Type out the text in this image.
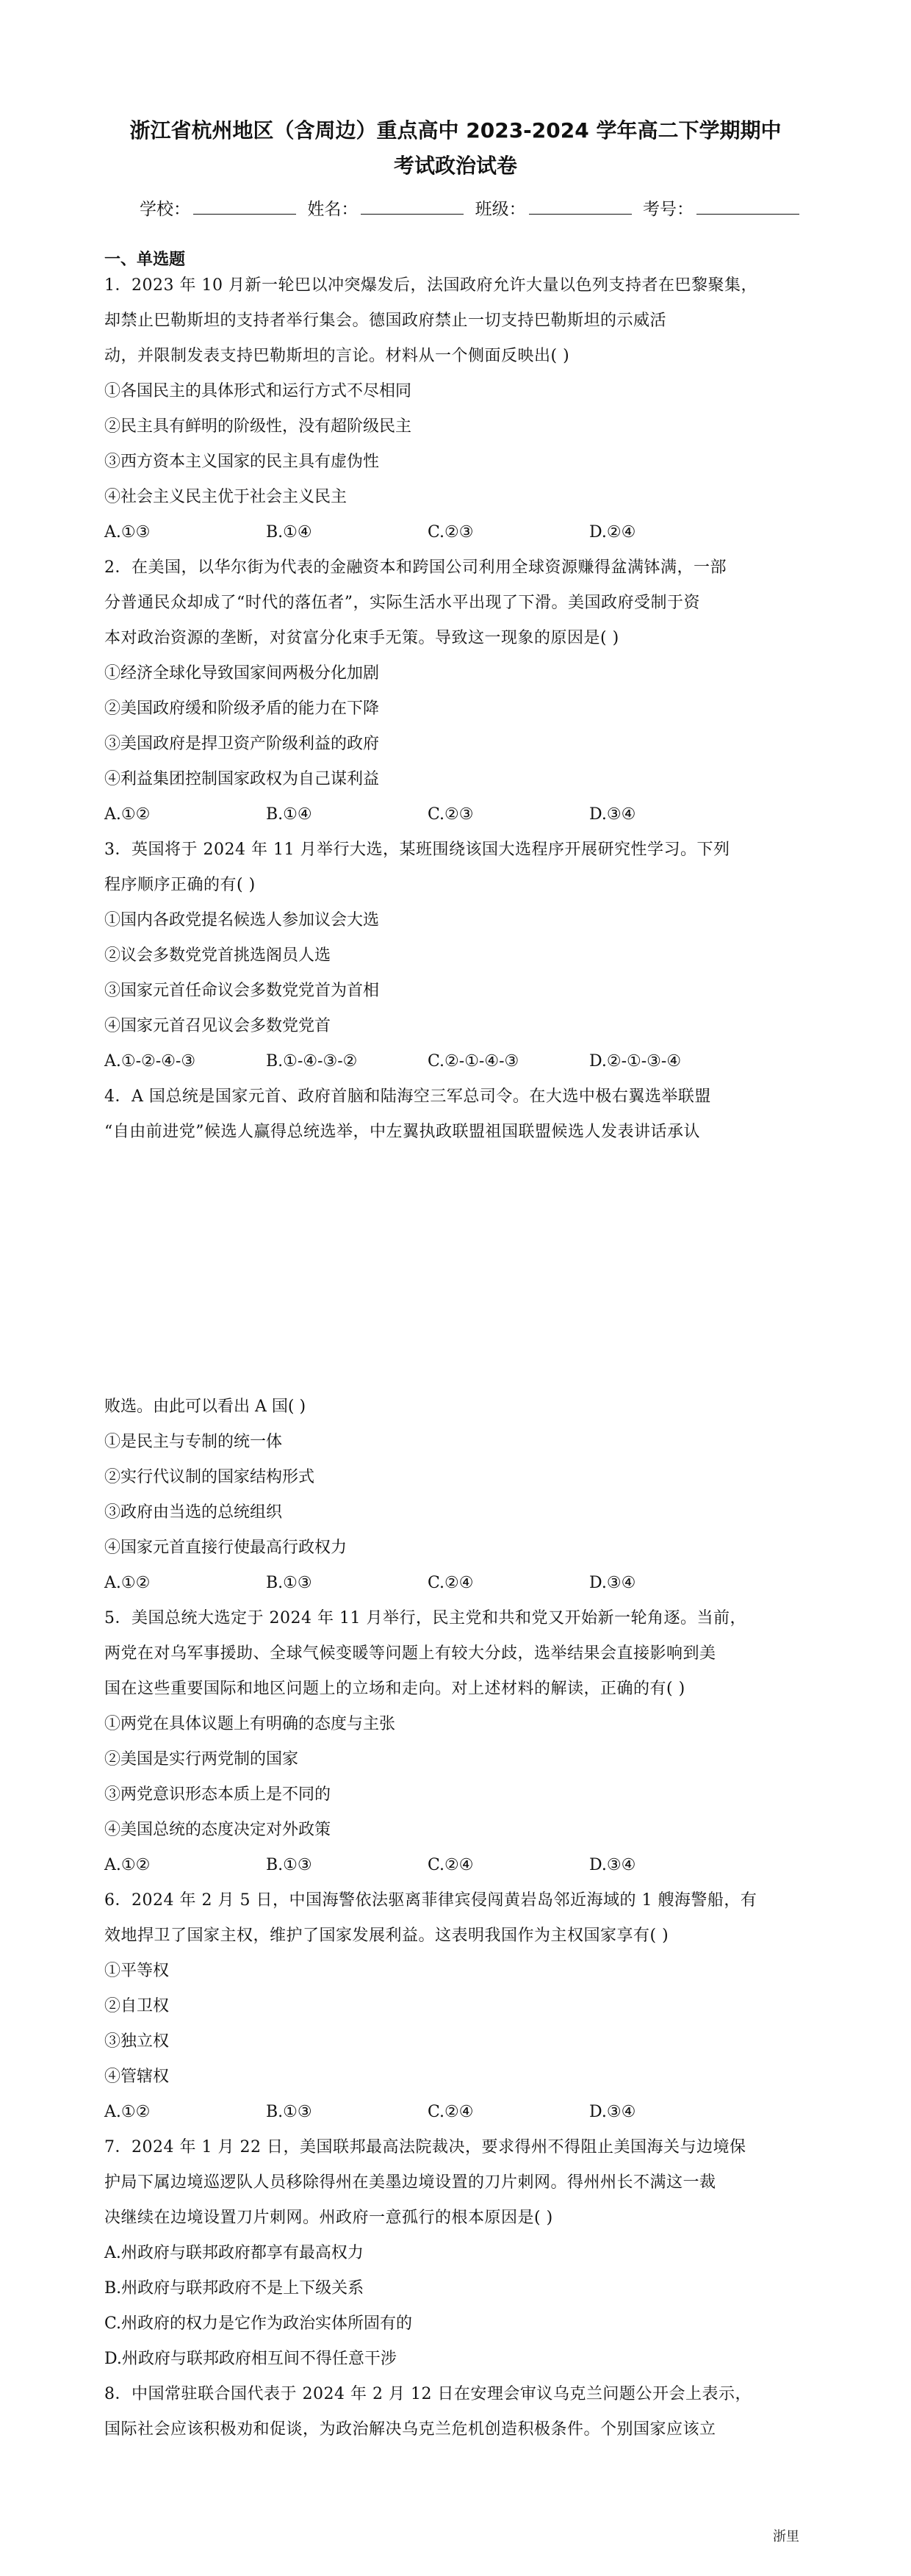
浙江省杭州地区（含周边）重点高中 2023-2024 学年高二下学期期中
考试政治试卷
学校：	姓名：	班级：	考号：
一、单选题
1．2023 年 10 月新一轮巴以冲突爆发后，法国政府允许大量以色列支持者在巴黎聚集，
却禁止巴勒斯坦的支持者举行集会。德国政府禁止一切支持巴勒斯坦的示威活
动，并限制发表支持巴勒斯坦的言论。材料从一个侧面反映出( )
①各国民主的具体形式和运行方式不尽相同
②民主具有鲜明的阶级性，没有超阶级民主
③西方资本主义国家的民主具有虚伪性
④社会主义民主优于社会主义民主
A.①③	B.①④	C.②③	D.②④
2．在美国，以华尔街为代表的金融资本和跨国公司利用全球资源赚得盆满钵满，一部
分普通民众却成了“时代的落伍者”，实际生活水平出现了下滑。美国政府受制于资
本对政治资源的垄断，对贫富分化束手无策。导致这一现象的原因是( )
①经济全球化导致国家间两极分化加剧
②美国政府缓和阶级矛盾的能力在下降
③美国政府是捍卫资产阶级利益的政府
④利益集团控制国家政权为自己谋利益
A.①②	B.①④	C.②③	D.③④
3．英国将于 2024 年 11 月举行大选，某班围绕该国大选程序开展研究性学习。下列
程序顺序正确的有( )
①国内各政党提名候选人参加议会大选
②议会多数党党首挑选阁员人选
③国家元首任命议会多数党党首为首相
④国家元首召见议会多数党党首
A.①-②-④-③	B.①-④-③-②	C.②-①-④-③	D.②-①-③-④
4．A 国总统是国家元首、政府首脑和陆海空三军总司令。在大选中极右翼选举联盟
“自由前进党”候选人赢得总统选举，中左翼执政联盟祖国联盟候选人发表讲话承认
败选。由此可以看出 A 国( )
①是民主与专制的统一体
②实行代议制的国家结构形式
③政府由当选的总统组织
④国家元首直接行使最高行政权力
A.①②	B.①③	C.②④	D.③④
5．美国总统大选定于 2024 年 11 月举行，民主党和共和党又开始新一轮角逐。当前，
两党在对乌军事援助、全球气候变暖等问题上有较大分歧，选举结果会直接影响到美
国在这些重要国际和地区问题上的立场和走向。对上述材料的解读，正确的有( )
①两党在具体议题上有明确的态度与主张
②美国是实行两党制的国家
③两党意识形态本质上是不同的
④美国总统的态度决定对外政策
A.①②	B.①③	C.②④	D.③④
6．2024 年 2 月 5 日，中国海警依法驱离菲律宾侵闯黄岩岛邻近海域的 1 艘海警船，有
效地捍卫了国家主权，维护了国家发展利益。这表明我国作为主权国家享有( )
①平等权
②自卫权
③独立权
④管辖权
A.①②	B.①③	C.②④	D.③④
7．2024 年 1 月 22 日，美国联邦最高法院裁决，要求得州不得阻止美国海关与边境保
护局下属边境巡逻队人员移除得州在美墨边境设置的刀片刺网。得州州长不满这一裁
决继续在边境设置刀片刺网。州政府一意孤行的根本原因是( )
A.州政府与联邦政府都享有最高权力
B.州政府与联邦政府不是上下级关系
C.州政府的权力是它作为政治实体所固有的
D.州政府与联邦政府相互间不得任意干涉
8．中国常驻联合国代表于 2024 年 2 月 12 日在安理会审议乌克兰问题公开会上表示，
国际社会应该积极劝和促谈，为政治解决乌克兰危机创造积极条件。个别国家应该立
浙里
